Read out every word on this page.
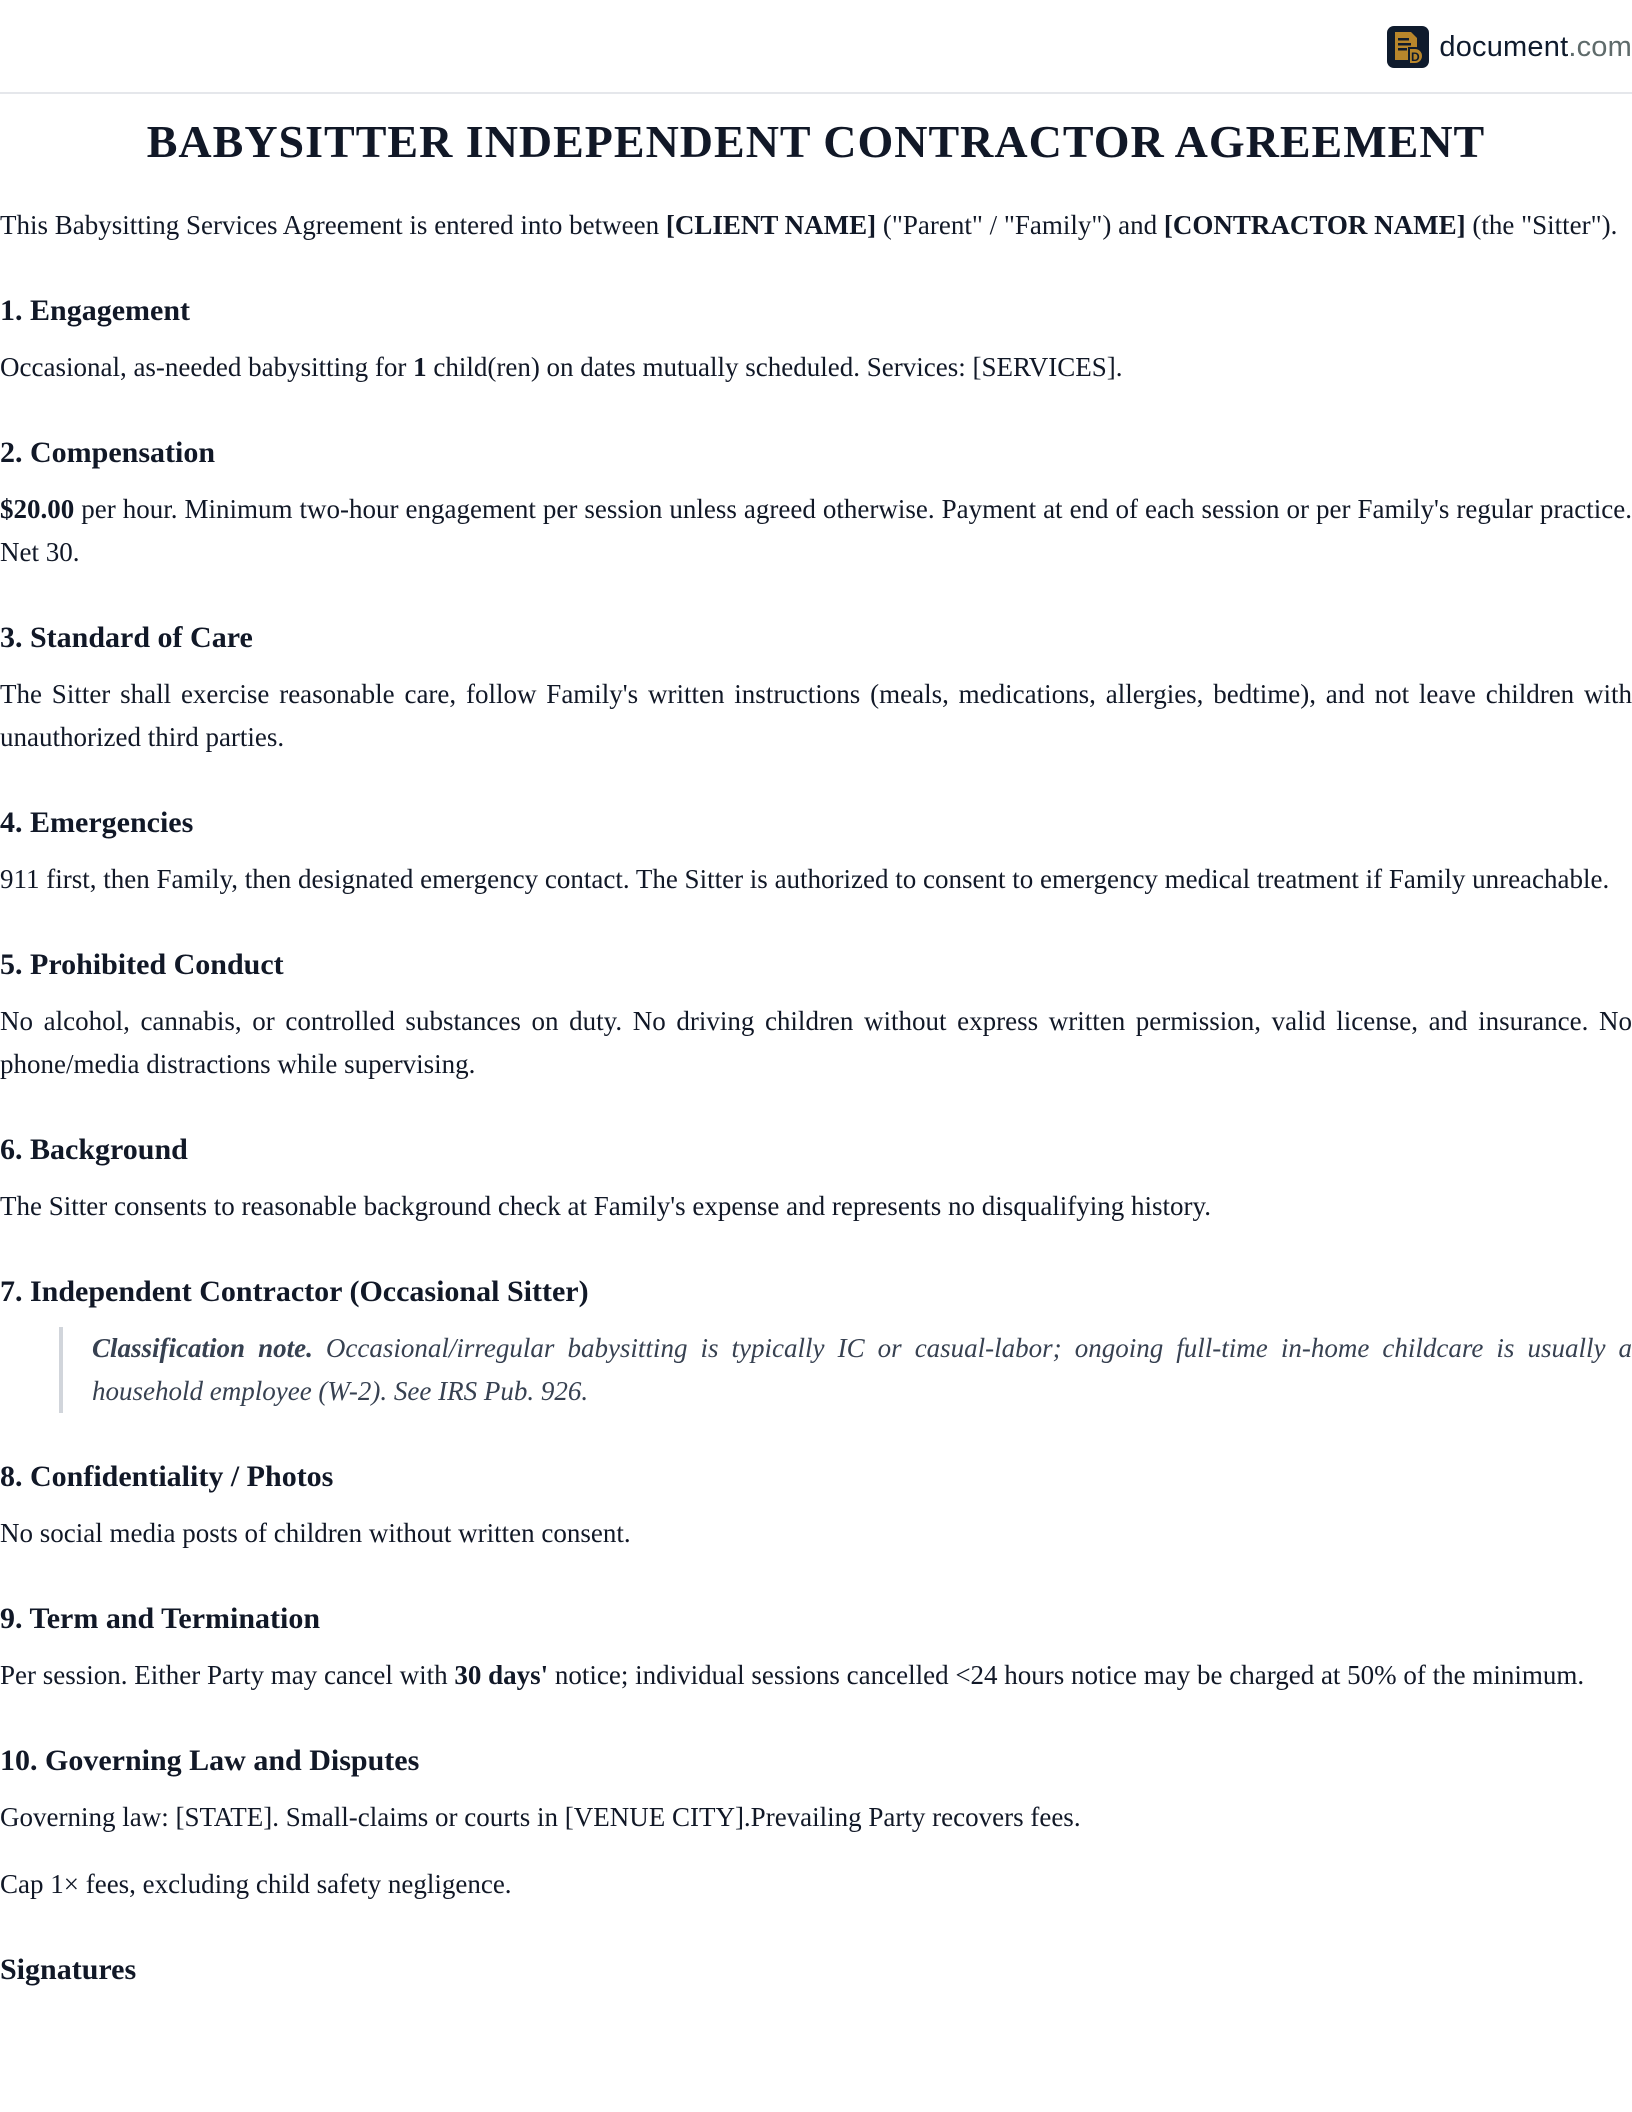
D document.com
BABYSITTER INDEPENDENT CONTRACTOR AGREEMENT

This Babysitting Services Agreement is entered into between [CLIENT NAME] ("Parent" / "Family") and [CONTRACTOR NAME] (the "Sitter").

1. Engagement

Occasional, as-needed babysitting for 1 child(ren) on dates mutually scheduled. Services: [SERVICES].

2. Compensation

$20.00 per hour. Minimum two-hour engagement per session unless agreed otherwise. Payment at end of each session or per Family's regular practice. Net 30.

3. Standard of Care

The Sitter shall exercise reasonable care, follow Family's written instructions (meals, medications, allergies, bedtime), and not leave children with unauthorized third parties.

4. Emergencies

911 first, then Family, then designated emergency contact. The Sitter is authorized to consent to emergency medical treatment if Family unreachable.

5. Prohibited Conduct

No alcohol, cannabis, or controlled substances on duty. No driving children without express written permission, valid license, and insurance. No phone/media distractions while supervising.

6. Background

The Sitter consents to reasonable background check at Family's expense and represents no disqualifying history.

7. Independent Contractor (Occasional Sitter)
Classification note. Occasional/irregular babysitting is typically IC or casual-labor; ongoing full-time in-home childcare is usually a household employee (W-2). See IRS Pub. 926.
8. Confidentiality / Photos

No social media posts of children without written consent.

9. Term and Termination

Per session. Either Party may cancel with 30 days' notice; individual sessions cancelled <24 hours notice may be charged at 50% of the minimum.

10. Governing Law and Disputes

Governing law: [STATE]. Small-claims or courts in [VENUE CITY].Prevailing Party recovers fees.

Cap 1× fees, excluding child safety negligence.

Signatures
